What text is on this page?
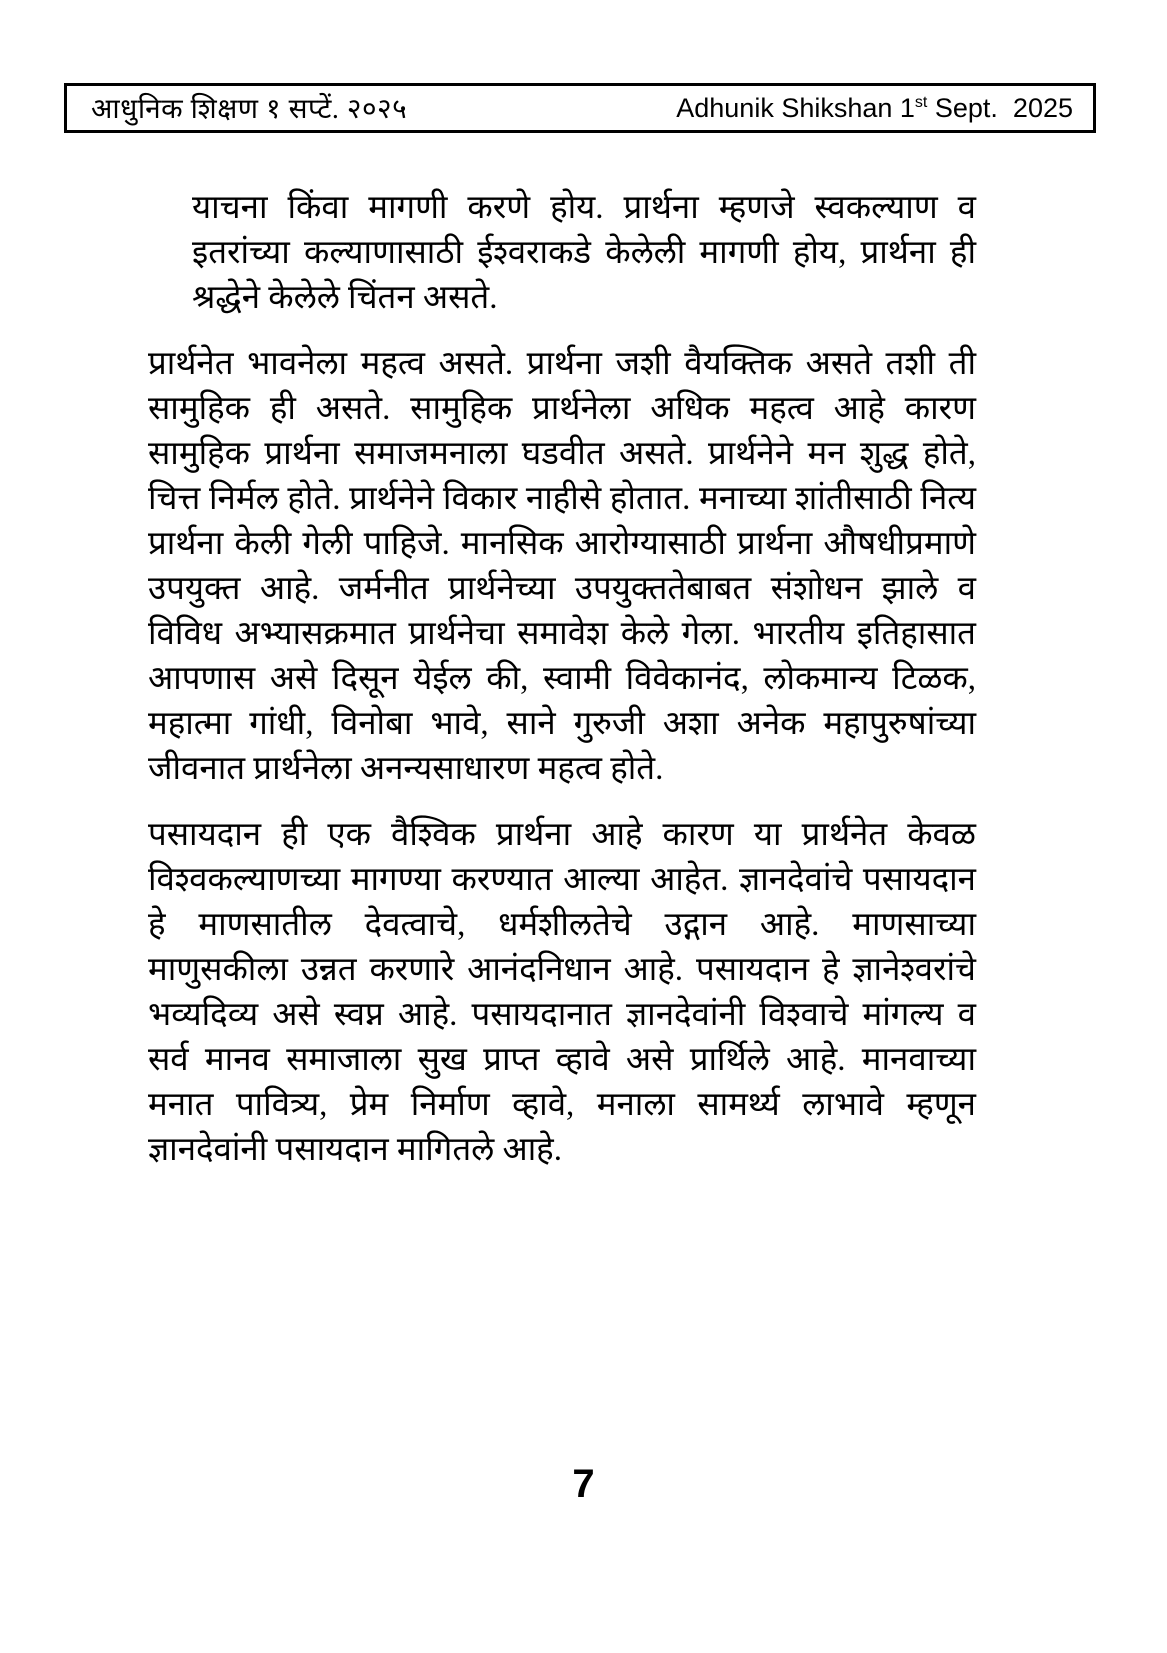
आधुनिक शिक्षण १ सप्टें. २०२५	Adhunik Shikshan 1st Sept.  2025

याचना किंवा मागणी करणे होय. प्रार्थना म्हणजे स्वकल्याण व इतरांच्या कल्याणासाठी ईश्वराकडे केलेली मागणी होय, प्रार्थना ही श्रद्धेने केलेले चिंतन असते.

प्रार्थनेत भावनेला महत्व असते. प्रार्थना जशी वैयक्तिक असते तशी ती सामुहिक ही असते. सामुहिक प्रार्थनेला अधिक महत्व आहे कारण सामुहिक प्रार्थना समाजमनाला घडवीत असते. प्रार्थनेने मन शुद्ध होते, चित्त निर्मल होते. प्रार्थनेने विकार नाहीसे होतात. मनाच्या शांतीसाठी नित्य प्रार्थना केली गेली पाहिजे. मानसिक आरोग्यासाठी प्रार्थना औषधीप्रमाणे उपयुक्त आहे. जर्मनीत प्रार्थनेच्या उपयुक्ततेबाबत संशोधन झाले व विविध अभ्यासक्रमात प्रार्थनेचा समावेश केले गेला. भारतीय इतिहासात आपणास असे दिसून येईल की, स्वामी विवेकानंद, लोकमान्य टिळक, महात्मा गांधी, विनोबा भावे, साने गुरुजी अशा अनेक महापुरुषांच्या जीवनात प्रार्थनेला अनन्यसाधारण महत्व होते.

पसायदान ही एक वैश्विक प्रार्थना आहे कारण या प्रार्थनेत केवळ विश्वकल्याणच्या मागण्या करण्यात आल्या आहेत. ज्ञानदेवांचे पसायदान हे माणसातील देवत्वाचे, धर्मशीलतेचे उद्गान आहे. माणसाच्या माणुसकीला उन्नत करणारे आनंदनिधान आहे. पसायदान हे ज्ञानेश्वरांचे भव्यदिव्य असे स्वप्न आहे. पसायदानात ज्ञानदेवांनी विश्वाचे मांगल्य व सर्व मानव समाजाला सुख प्राप्त व्हावे असे प्रार्थिले आहे. मानवाच्या मनात पावित्र्य, प्रेम निर्माण व्हावे, मनाला सामर्थ्य लाभावे म्हणून ज्ञानदेवांनी पसायदान मागितले आहे.

7
